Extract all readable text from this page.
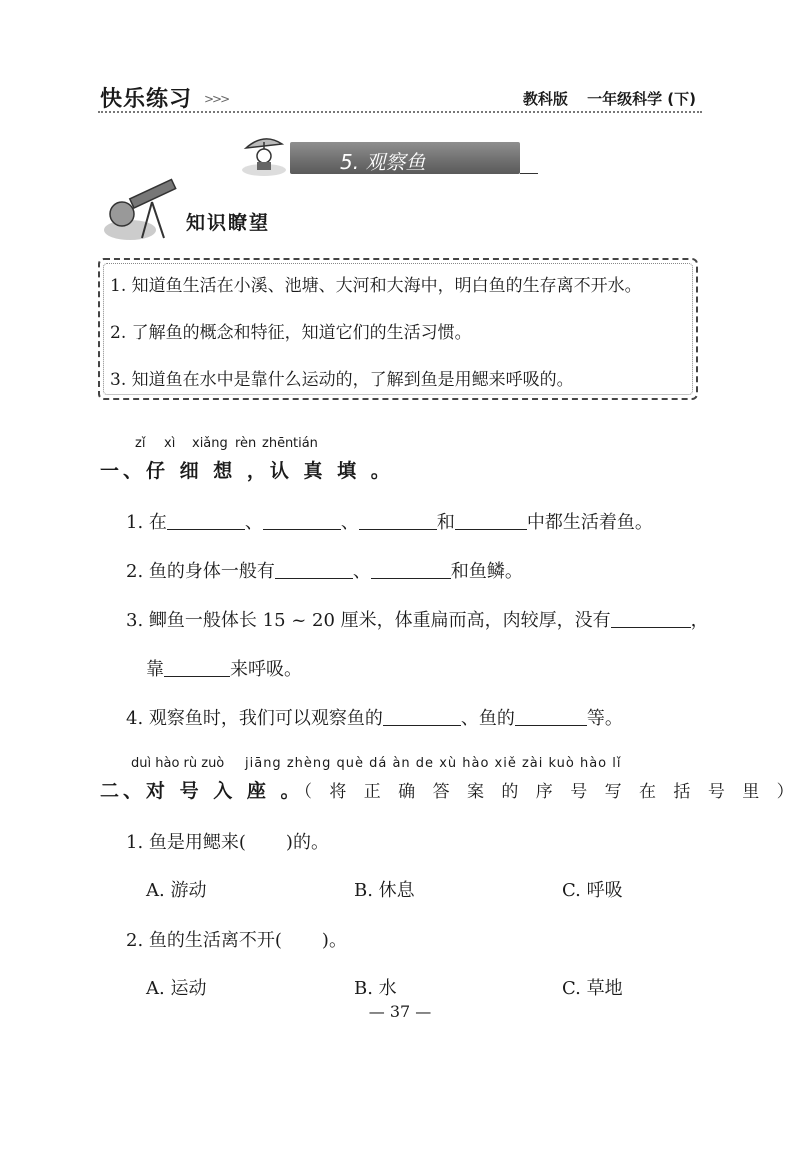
快乐练习 >>>	教科版 一年级科学 (下)
5. 观察鱼
知识瞭望
1. 知道鱼生活在小溪、池塘、大河和大海中，明白鱼的生存离不开水。
2. 了解鱼的概念和特征，知道它们的生活习惯。
3. 知道鱼在水中是靠什么运动的，了解到鱼是用鳃来呼吸的。
zǐ xì xiǎng rèn zhēn tián
一、仔 细 想 ，认 真 填 。
1. 在	、	、	和	中都生活着鱼。
2. 鱼的身体一般有	、	和鱼鳞。
3. 鲫鱼一般体长 15 ~ 20 厘米，体重扁而高，肉较厚，没有	，
靠	来呼吸。
4. 观察鱼时，我们可以观察鱼的	、鱼的	等。
duì hào rù zuò jiāng zhèng què dá àn de xù hào xiě zài kuò hào lǐ
二、对 号 入 座 。（ 将 正 确 答 案 的 序 号 写 在 括 号 里 ）
1. 鱼是用鳃来( )的。
A. 游动	B. 休息	C. 呼吸
2. 鱼的生活离不开( )。
A. 运动	B. 水	C. 草地
— 37 —
